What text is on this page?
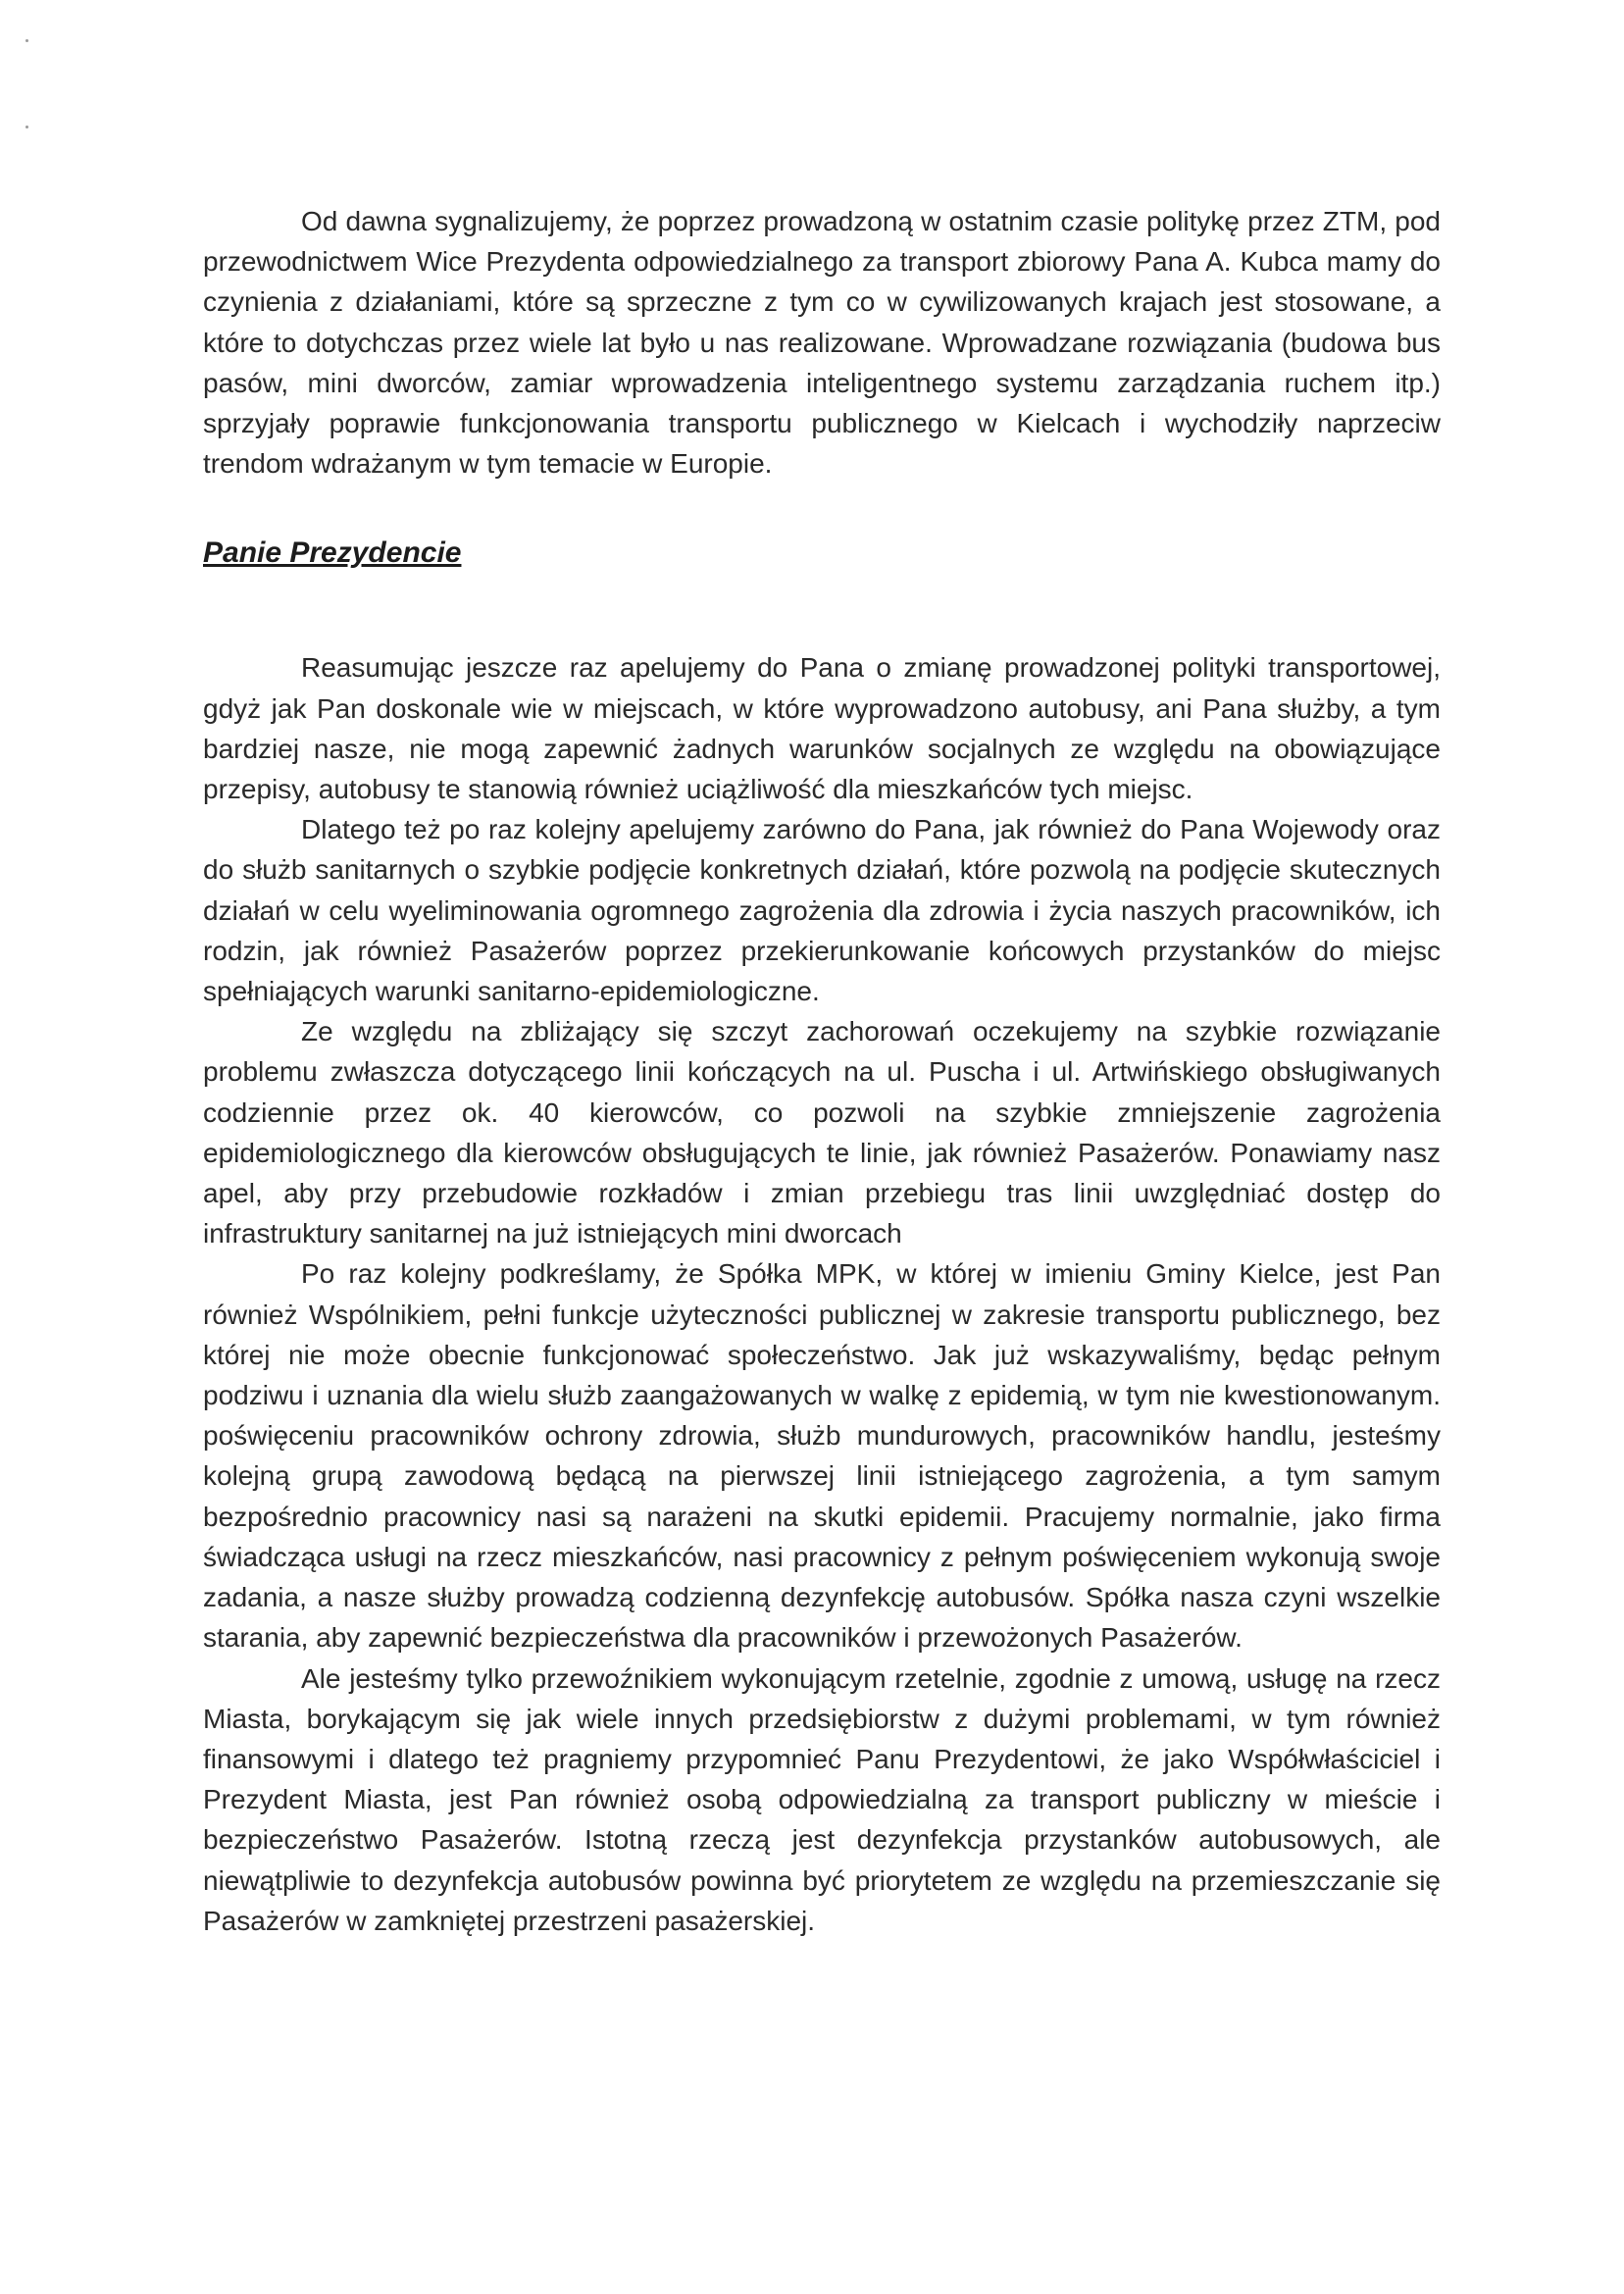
Od dawna sygnalizujemy, że poprzez prowadzoną w ostatnim czasie politykę przez ZTM, pod przewodnictwem Wice Prezydenta odpowiedzialnego za transport zbiorowy Pana A. Kubca mamy do czynienia z działaniami, które są sprzeczne z tym co w cywilizowanych krajach jest stosowane, a które to dotychczas przez wiele lat było u nas realizowane. Wprowadzane rozwiązania (budowa bus pasów, mini dworców, zamiar wprowadzenia inteligentnego systemu zarządzania ruchem itp.) sprzyjały poprawie funkcjonowania transportu publicznego w Kielcach i wychodziły naprzeciw trendom wdrażanym w tym temacie w Europie.

Panie Prezydencie

Reasumując jeszcze raz apelujemy do Pana o zmianę prowadzonej polityki transportowej, gdyż jak Pan doskonale wie w miejscach, w które wyprowadzono autobusy, ani Pana służby, a tym bardziej nasze, nie mogą zapewnić żadnych warunków socjalnych ze względu na obowiązujące przepisy, autobusy te stanowią również uciążliwość dla mieszkańców tych miejsc.

Dlatego też po raz kolejny apelujemy zarówno do Pana, jak również do Pana Wojewody oraz do służb sanitarnych o szybkie podjęcie konkretnych działań, które pozwolą na podjęcie skutecznych działań w celu wyeliminowania ogromnego zagrożenia dla zdrowia i życia naszych pracowników, ich rodzin, jak również Pasażerów poprzez przekierunkowanie końcowych przystanków do miejsc spełniających warunki sanitarno-epidemiologiczne.

Ze względu na zbliżający się szczyt zachorowań oczekujemy na szybkie rozwiązanie problemu zwłaszcza dotyczącego linii kończących na ul. Puscha i ul. Artwińskiego obsługiwanych codziennie przez ok. 40 kierowców, co pozwoli na szybkie zmniejszenie zagrożenia epidemiologicznego dla kierowców obsługujących te linie, jak również Pasażerów. Ponawiamy nasz apel, aby przy przebudowie rozkładów i zmian przebiegu tras linii uwzględniać dostęp do infrastruktury sanitarnej na już istniejących mini dworcach

Po raz kolejny podkreślamy, że Spółka MPK, w której w imieniu Gminy Kielce, jest Pan również Wspólnikiem, pełni funkcje użyteczności publicznej w zakresie transportu publicznego, bez której nie może obecnie funkcjonować społeczeństwo. Jak już wskazywaliśmy, będąc pełnym podziwu i uznania dla wielu służb zaangażowanych w walkę z epidemią, w tym nie kwestionowanym. poświęceniu pracowników ochrony zdrowia, służb mundurowych, pracowników handlu, jesteśmy kolejną grupą zawodową będącą na pierwszej linii istniejącego zagrożenia, a tym samym bezpośrednio pracownicy nasi są narażeni na skutki epidemii. Pracujemy normalnie, jako firma świadcząca usługi na rzecz mieszkańców, nasi pracownicy z pełnym poświęceniem wykonują swoje zadania, a nasze służby prowadzą codzienną dezynfekcję autobusów. Spółka nasza czyni wszelkie starania, aby zapewnić bezpieczeństwa dla pracowników i przewożonych Pasażerów.

Ale jesteśmy tylko przewoźnikiem wykonującym rzetelnie, zgodnie z umową, usługę na rzecz Miasta, borykającym się jak wiele innych przedsiębiorstw z dużymi problemami, w tym również finansowymi i dlatego też pragniemy przypomnieć Panu Prezydentowi, że jako Współwłaściciel i Prezydent Miasta, jest Pan również osobą odpowiedzialną za transport publiczny w mieście i bezpieczeństwo Pasażerów. Istotną rzeczą jest dezynfekcja przystanków autobusowych, ale niewątpliwie to dezynfekcja autobusów powinna być priorytetem ze względu na przemieszczanie się Pasażerów w zamkniętej przestrzeni pasażerskiej.
